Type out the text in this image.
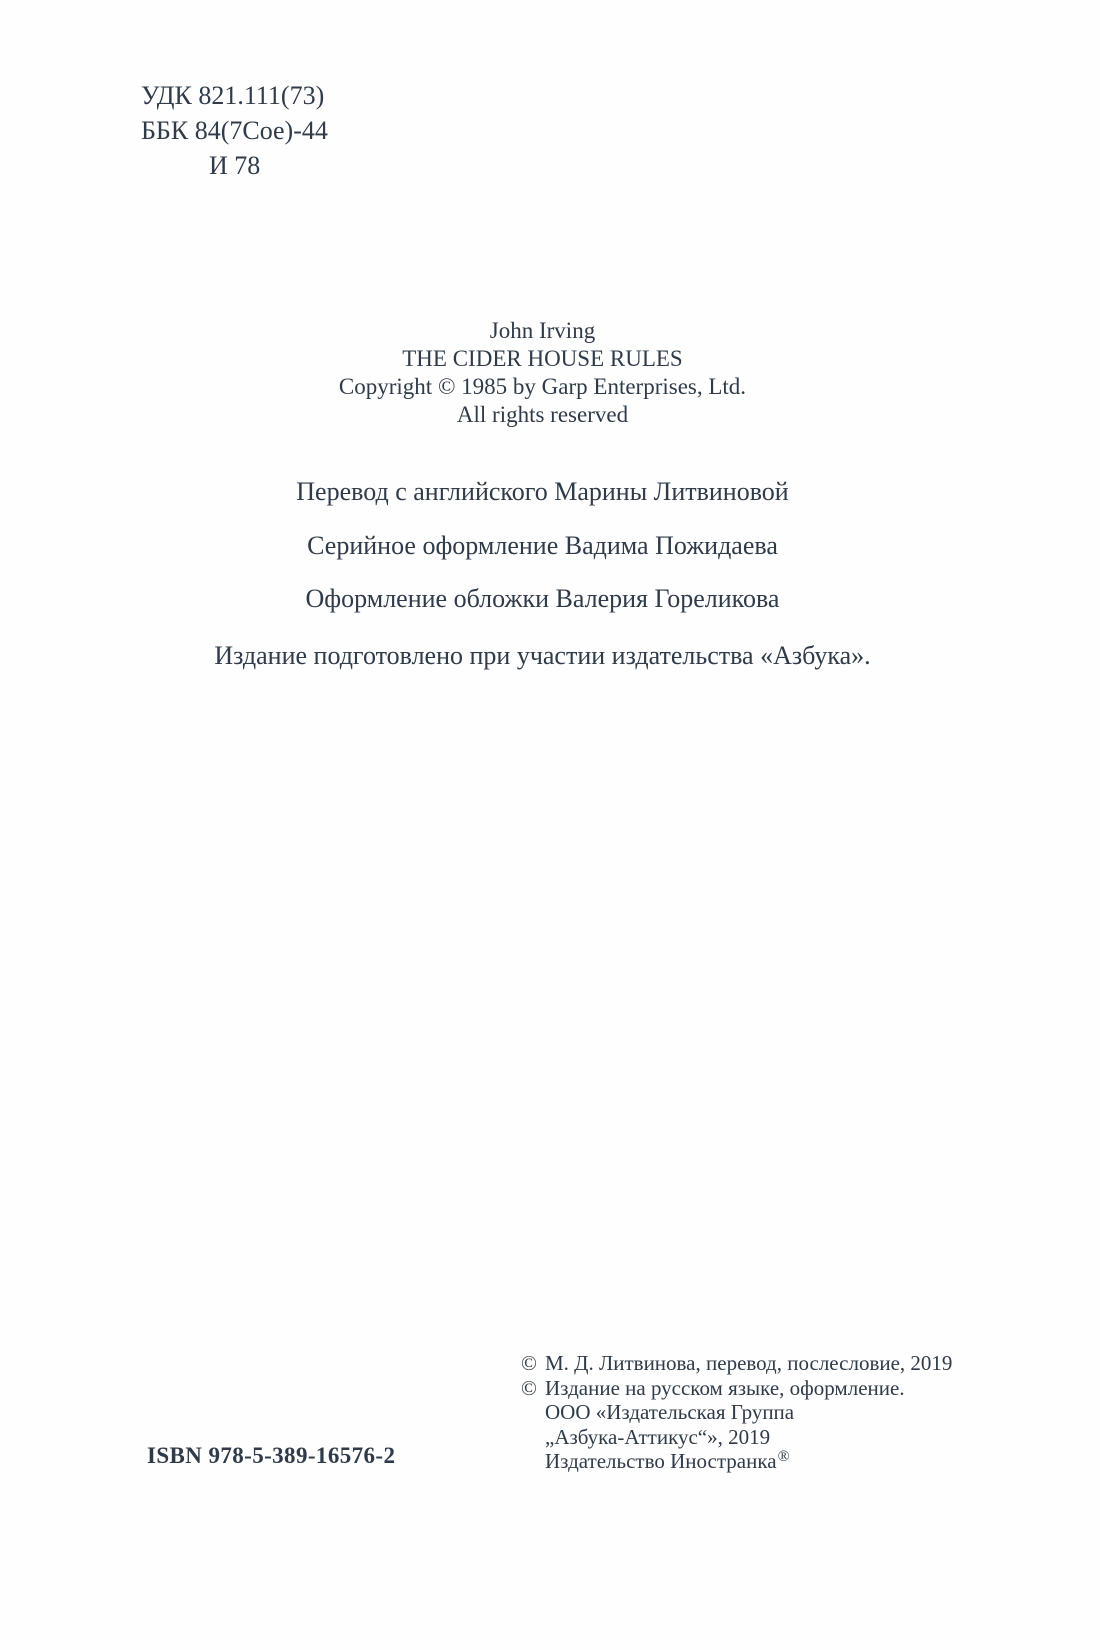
УДК 821.111(73)
ББК 84(7Сое)-44
И 78
John Irving
THE CIDER HOUSE RULES
Copyright © 1985 by Garp Enterprises, Ltd.
All rights reserved
Перевод с английского Марины Литвиновой
Серийное оформление Вадима Пожидаева
Оформление обложки Валерия Гореликова
Издание подготовлено при участии издательства «Азбука».
© М. Д. Литвинова, перевод, послесловие, 2019
© Издание на русском языке, оформление.
ООО «Издательская Группа
„Азбука-Аттикус“», 2019
Издательство Иностранка®
ISBN 978-5-389-16576-2
